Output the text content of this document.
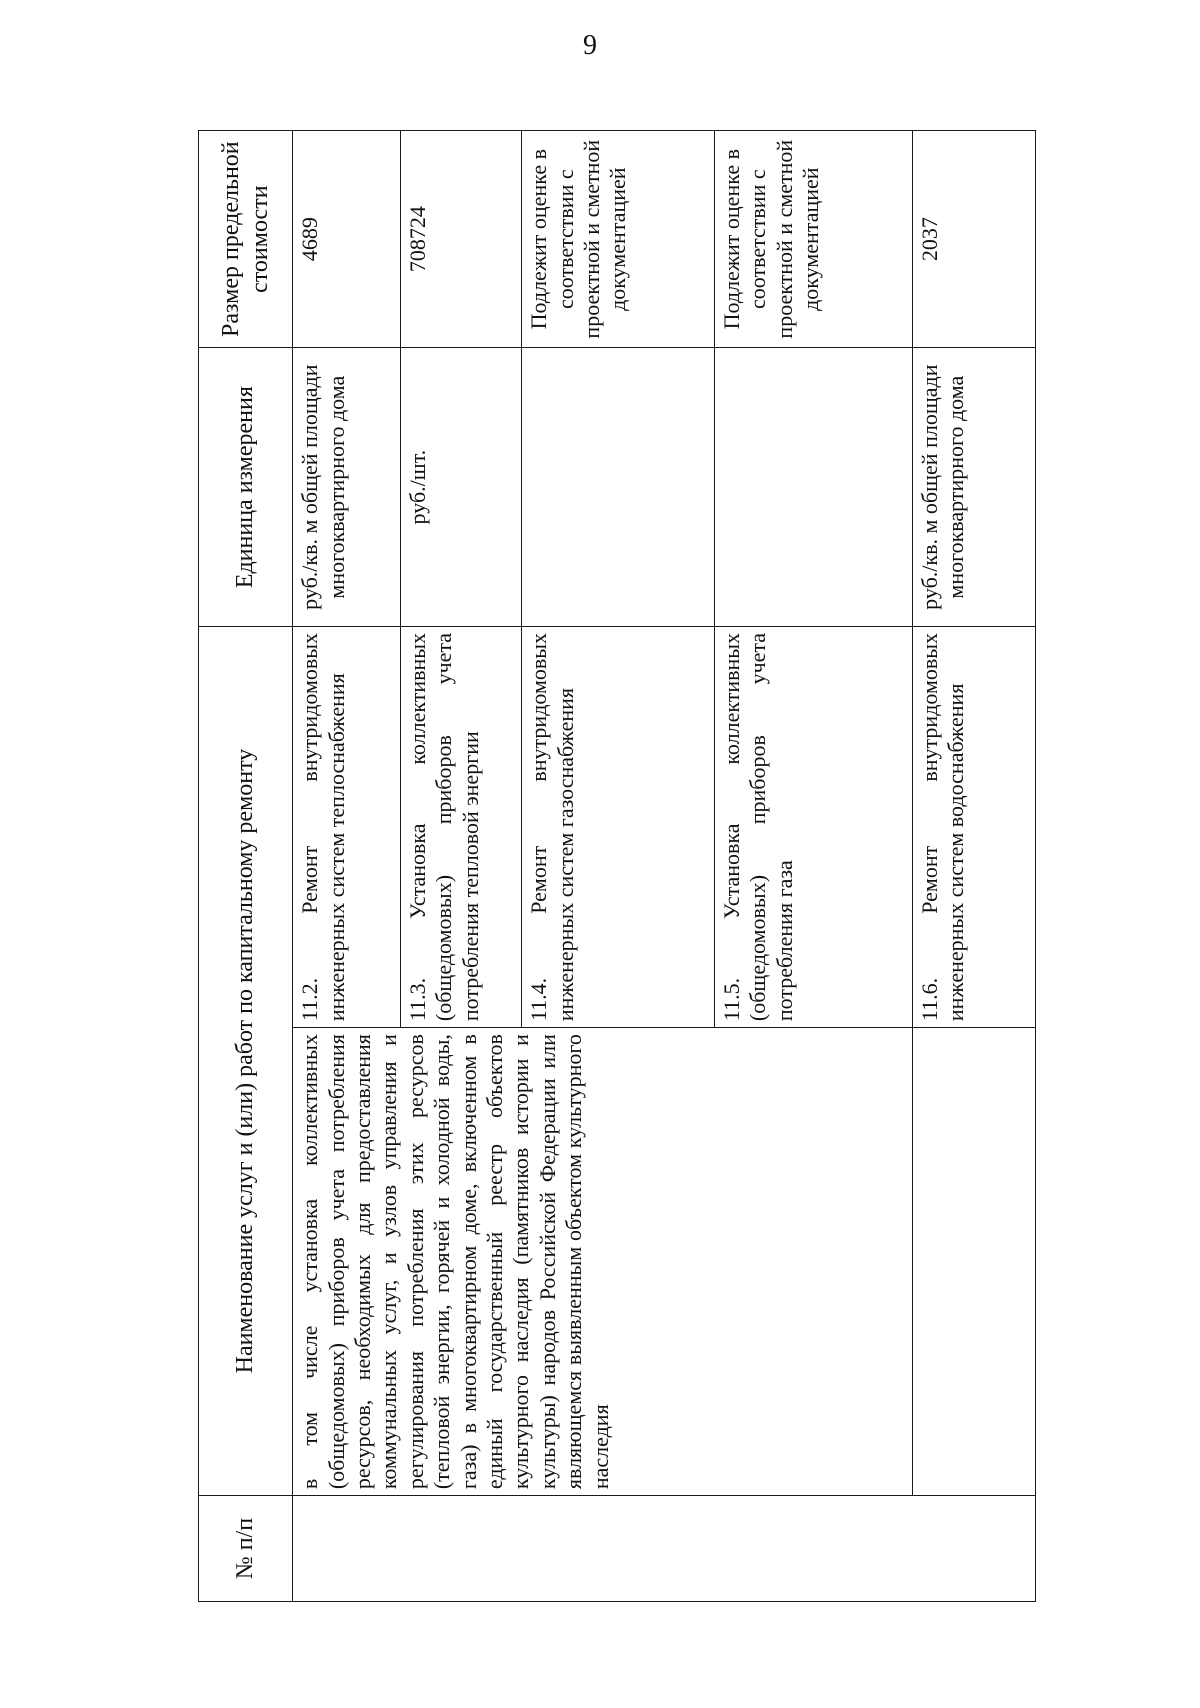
9
№ п/п	Наименование услуг и (или) работ по капитальному ремонту		Единица измерения	Размер предельной стоимости
	в том числе установка коллективных (общедомовых) приборов учета потребления ресурсов, необходимых для предоставления коммунальных услуг, и узлов управления и регулирования потребления этих ресурсов (тепловой энергии, горячей и холодной воды, газа) в многоквартирном доме, включенном в единый государственный реестр объектов культурного наследия (памятников истории и культуры) народов Российской Федерации или являющемся выявленным объектом культурного наследия	11.2. Ремонт внутридомовых инженерных систем теплоснабжения	руб./кв. м общей площади многоквартирного дома	4689
		11.3. Установка коллективных (общедомовых) приборов учета потребления тепловой энергии	руб./шт.	708724
		11.4. Ремонт внутридомовых инженерных систем газоснабжения		Подлежит оценке в соответствии с проектной и сметной документацией
		11.5. Установка коллективных (общедомовых) приборов учета потребления газа		Подлежит оценке в соответствии с проектной и сметной документацией
		11.6. Ремонт внутридомовых инженерных систем водоснабжения	руб./кв. м общей площади многоквартирного дома	2037
